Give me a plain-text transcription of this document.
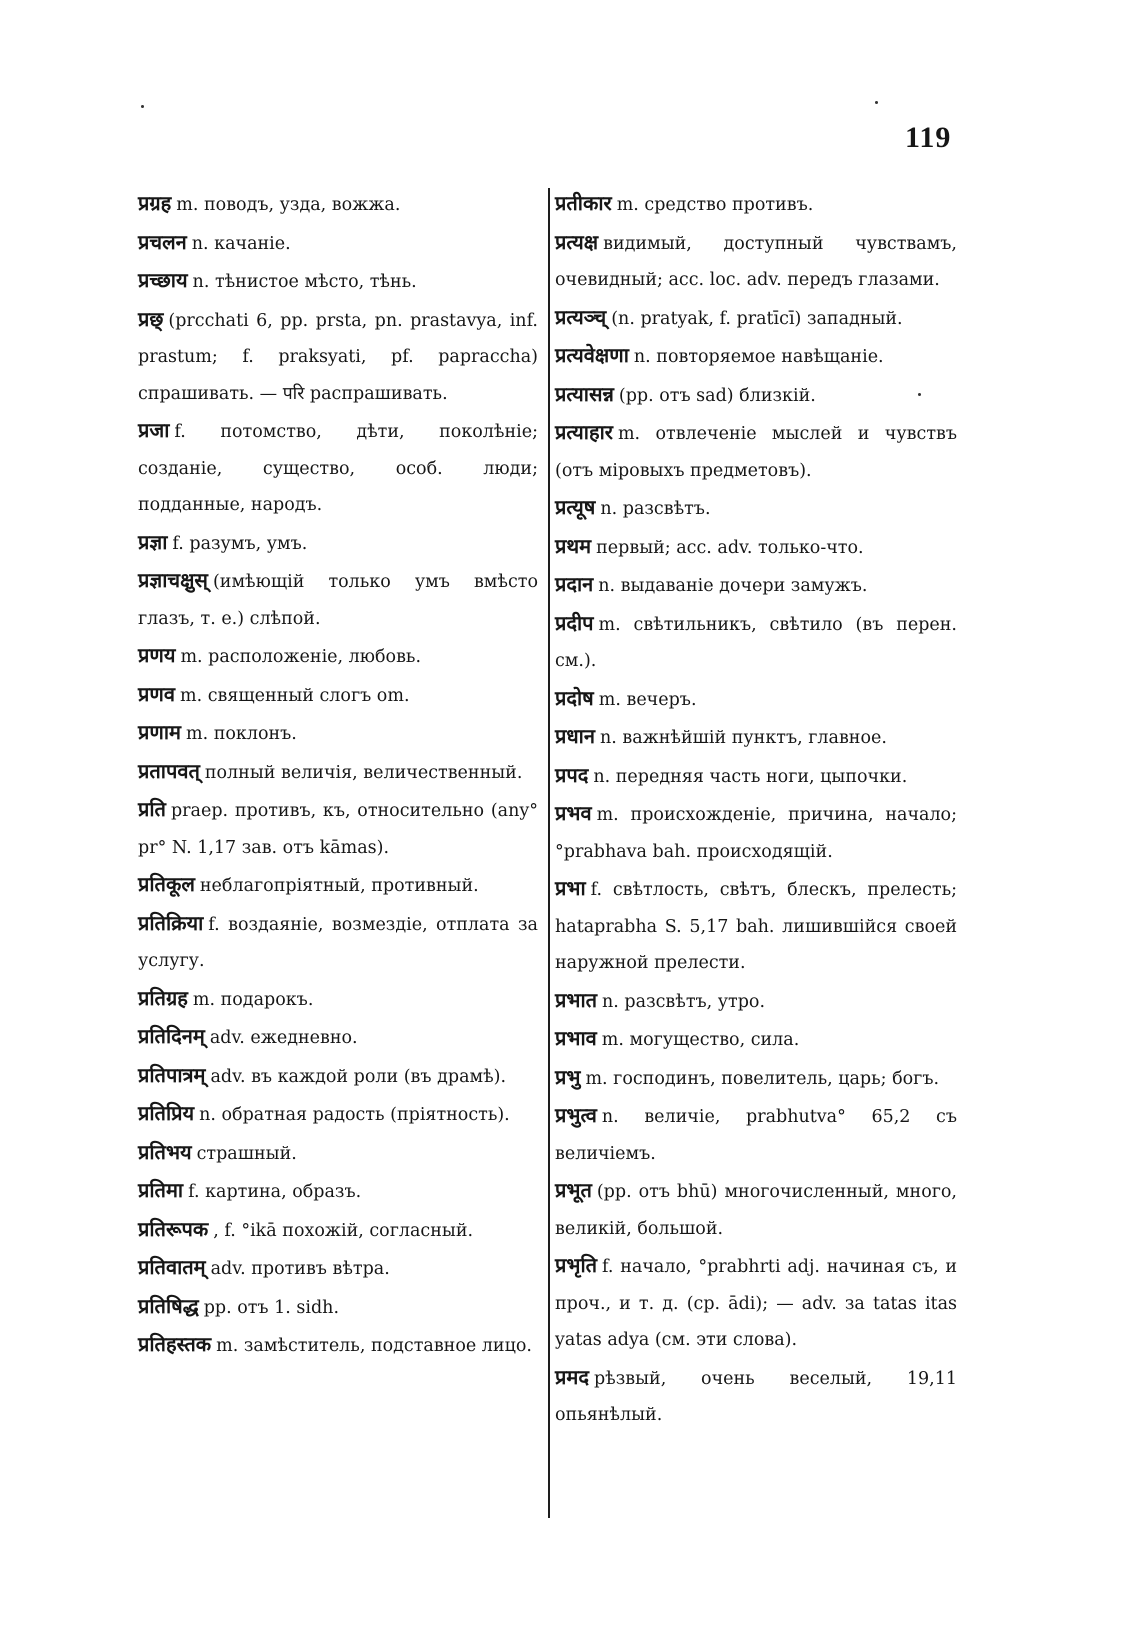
119
प्रग्रह m. поводъ, узда, вожжа.
प्रचलन n. качаніе.
प्रच्छाय n. тѣнистое мѣсто, тѣнь.
प्रछ् (prcchati 6, pp. prsta, pn. prastavya, inf. prastum; f. praksyati, pf. papraccha) спрашивать. — परि распрашивать.
प्रजा f. потомство, дѣти, поколѣніе; созданіе, существо, особ. люди; подданные, народъ.
प्रज्ञा f. разумъ, умъ.
प्रज्ञाचक्षुस् (имѣющій только умъ вмѣсто глазъ, т. е.) слѣпой.
प्रणय m. расположеніе, любовь.
प्रणव m. священный слогъ om.
प्रणाम m. поклонъ.
प्रतापवत् полный величія, величественный.
प्रति praep. противъ, къ, относительно (any° pr° N. 1,17 зав. отъ kāmas).
प्रतिकूल неблагопріятный, противный.
प्रतिक्रिया f. воздаяніе, возмездіе, отплата за услугу.
प्रतिग्रह m. подарокъ.
प्रतिदिनम् adv. ежедневно.
प्रतिपात्रम् adv. въ каждой роли (въ драмѣ).
प्रतिप्रिय n. обратная радость (пріятность).
प्रतिभय страшный.
प्रतिमा f. картина, образъ.
प्रतिरूपक , f. °ikā похожій, согласный.
प्रतिवातम् adv. противъ вѣтра.
प्रतिषिद्ध pp. отъ 1. sidh.
प्रतिहस्तक m. замѣститель, подставное лицо.
प्रतीकार m. средство противъ.
प्रत्यक्ष видимый, доступный чувствамъ, очевидный; acc. loc. adv. передъ глазами.
प्रत्यञ्च् (n. pratyak, f. pratīcī) западный.
प्रत्यवेक्षणा n. повторяемое навѣщаніе.
प्रत्यासन्न (pp. отъ sad) близкій.
प्रत्याहार m. отвлеченіе мыслей и чувствъ (отъ міровыхъ предметовъ).
प्रत्यूष n. разсвѣтъ.
प्रथम первый; acc. adv. только-что.
प्रदान n. выдаваніе дочери замужъ.
प्रदीप m. свѣтильникъ, свѣтило (въ перен. см.).
प्रदोष m. вечеръ.
प्रधान n. важнѣйшій пунктъ, главное.
प्रपद n. передняя часть ноги, цыпочки.
प्रभव m. происхожденіе, причина, начало; °prabhava bah. происходящій.
प्रभा f. свѣтлость, свѣтъ, блескъ, прелесть; hataprabha S. 5,17 bah. лишившійся своей наружной прелести.
प्रभात n. разсвѣтъ, утро.
प्रभाव m. могущество, сила.
प्रभु m. господинъ, повелитель, царь; богъ.
प्रभुत्व n. величіе, prabhutva° 65,2 съ величіемъ.
प्रभूत (pp. отъ bhū) многочисленный, много, великій, большой.
प्रभृति f. начало, °prabhrti adj. начиная съ, и проч., и т. д. (ср. ādi); — adv. за tatas itas yatas adya (см. эти слова).
प्रमद рѣзвый, очень веселый, 19,11 опьянѣлый.
